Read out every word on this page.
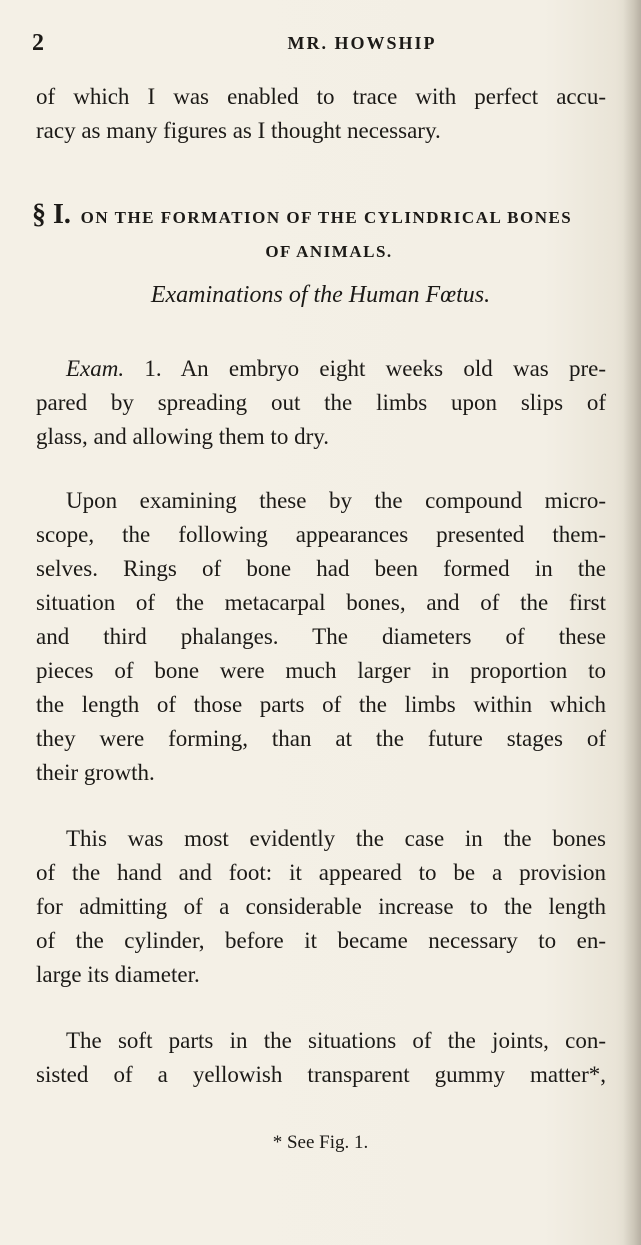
2	MR. HOWSHIP
of which I was enabled to trace with perfect accu-
racy as many figures as I thought necessary.
§ I. ON THE FORMATION OF THE CYLINDRICAL BONES
OF ANIMALS.
Examinations of the Human Fœtus.
Exam. 1. An embryo eight weeks old was pre-
pared by spreading out the limbs upon slips of
glass, and allowing them to dry.
Upon examining these by the compound micro-
scope, the following appearances presented them-
selves. Rings of bone had been formed in the
situation of the metacarpal bones, and of the first
and third phalanges. The diameters of these
pieces of bone were much larger in proportion to
the length of those parts of the limbs within which
they were forming, than at the future stages of
their growth.
This was most evidently the case in the bones
of the hand and foot: it appeared to be a provision
for admitting of a considerable increase to the length
of the cylinder, before it became necessary to en-
large its diameter.
The soft parts in the situations of the joints, con-
sisted of a yellowish transparent gummy matter*,
* See Fig. 1.
